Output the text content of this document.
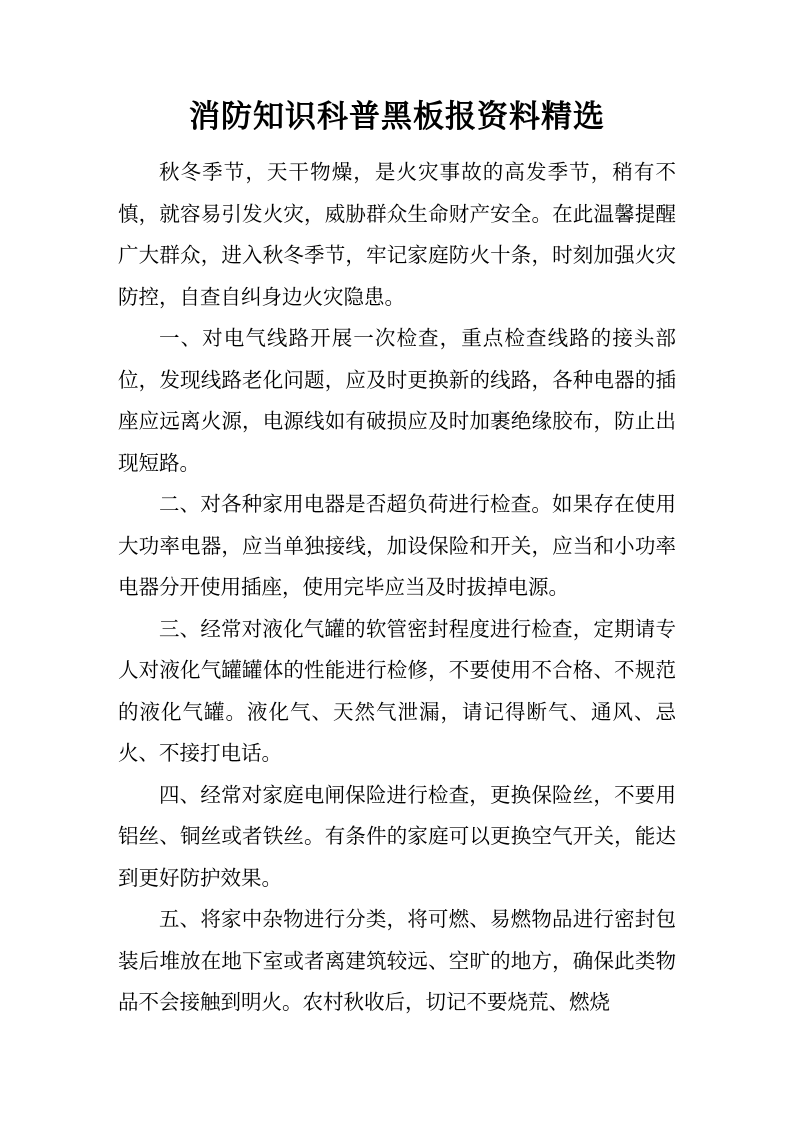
消防知识科普黑板报资料精选

秋冬季节，天干物燥，是火灾事故的高发季节，稍有不慎，就容易引发火灾，威胁群众生命财产安全。在此温馨提醒广大群众，进入秋冬季节，牢记家庭防火十条，时刻加强火灾防控，自查自纠身边火灾隐患。

一、对电气线路开展一次检查，重点检查线路的接头部位，发现线路老化问题，应及时更换新的线路，各种电器的插座应远离火源，电源线如有破损应及时加裹绝缘胶布，防止出现短路。

二、对各种家用电器是否超负荷进行检查。如果存在使用大功率电器，应当单独接线，加设保险和开关，应当和小功率电器分开使用插座，使用完毕应当及时拔掉电源。

三、经常对液化气罐的软管密封程度进行检查，定期请专人对液化气罐罐体的性能进行检修，不要使用不合格、不规范的液化气罐。液化气、天然气泄漏，请记得断气、通风、忌火、不接打电话。

四、经常对家庭电闸保险进行检查，更换保险丝，不要用铝丝、铜丝或者铁丝。有条件的家庭可以更换空气开关，能达到更好防护效果。

五、将家中杂物进行分类，将可燃、易燃物品进行密封包装后堆放在地下室或者离建筑较远、空旷的地方，确保此类物品不会接触到明火。农村秋收后，切记不要烧荒、燃烧
